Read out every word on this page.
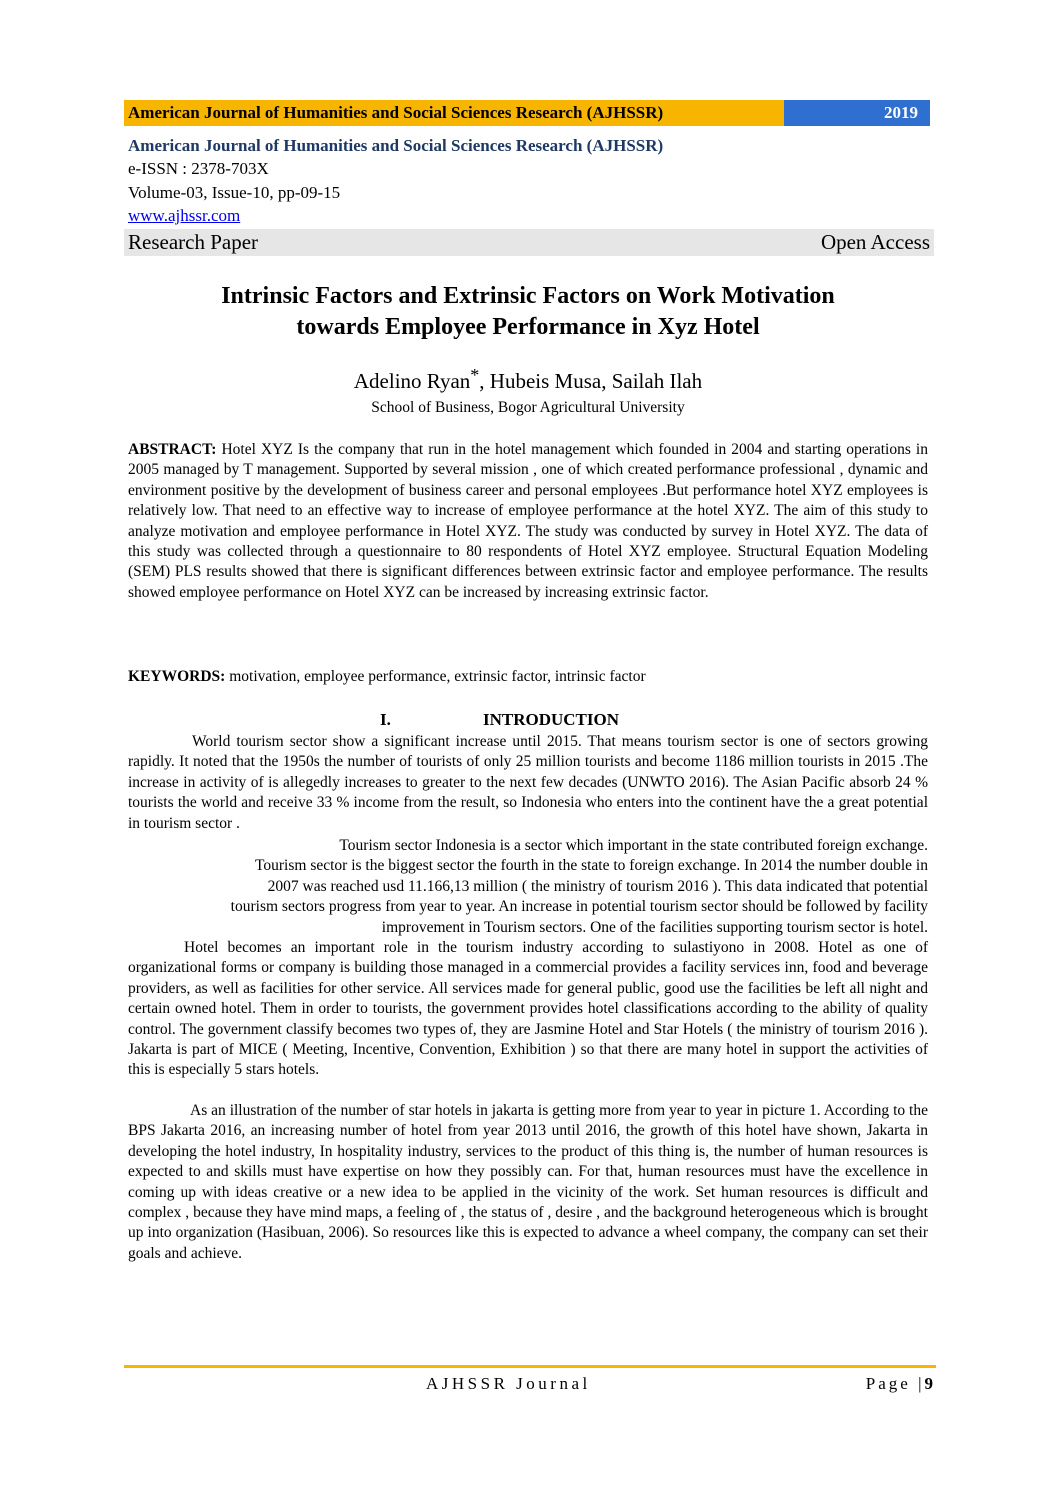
American Journal of Humanities and Social Sciences Research (AJHSSR)	2019
American Journal of Humanities and Social Sciences Research (AJHSSR)
e-ISSN : 2378-703X
Volume-03, Issue-10, pp-09-15
www.ajhssr.com
Research Paper	Open Access
Intrinsic Factors and Extrinsic Factors on Work Motivation
towards Employee Performance in Xyz Hotel
Adelino Ryan*, Hubeis Musa, Sailah Ilah
School of Business, Bogor Agricultural University
ABSTRACT: Hotel XYZ Is the company that run in the hotel management which founded in 2004 and starting operations in 2005 managed by T management. Supported by several mission , one of which created performance professional , dynamic and environment positive by the development of business career and personal employees .But performance hotel XYZ employees is relatively low. That need to an effective way to increase of employee performance at the hotel XYZ. The aim of this study to analyze motivation and employee performance in Hotel XYZ. The study was conducted by survey in Hotel XYZ. The data of this study was collected through a questionnaire to 80 respondents of Hotel XYZ employee. Structural Equation Modeling (SEM) PLS results showed that there is significant differences between extrinsic factor and employee performance. The results showed employee performance on Hotel XYZ can be increased by increasing extrinsic factor.
KEYWORDS: motivation, employee performance, extrinsic factor, intrinsic factor
I.	INTRODUCTION
World tourism sector show a significant increase until 2015. That means tourism sector is one of sectors growing rapidly. It noted that the 1950s the number of tourists of only 25 million tourists and become 1186 million tourists in 2015 .The increase in activity of is allegedly increases to greater to the next few decades (UNWTO 2016). The Asian Pacific absorb 24 % tourists the world and receive 33 % income from the result, so Indonesia who enters into the continent have the a great potential in tourism sector .
Tourism sector Indonesia is a sector which important in the state contributed foreign exchange.
Tourism sector is the biggest sector the fourth in the state to foreign exchange. In 2014 the number double in
2007 was reached usd 11.166,13 million ( the ministry of tourism 2016 ). This data indicated that potential
tourism sectors progress from year to year. An increase in potential tourism sector should be followed by facility
improvement in Tourism sectors. One of the facilities supporting tourism sector is hotel.
Hotel becomes an important role in the tourism industry according to sulastiyono in 2008. Hotel as one of organizational forms or company is building those managed in a commercial provides a facility services inn, food and beverage providers, as well as facilities for other service. All services made for general public, good use the facilities be left all night and certain owned hotel. Them in order to tourists, the government provides hotel classifications according to the ability of quality control. The government classify becomes two types of, they are Jasmine Hotel and Star Hotels ( the ministry of tourism 2016 ). Jakarta is part of MICE ( Meeting, Incentive, Convention, Exhibition ) so that there are many hotel in support the activities of this is especially 5 stars hotels.
As an illustration of the number of star hotels in jakarta is getting more from year to year in picture 1. According to the BPS Jakarta 2016, an increasing number of hotel from year 2013 until 2016, the growth of this hotel have shown, Jakarta in developing the hotel industry, In hospitality industry, services to the product of this thing is, the number of human resources is expected to and skills must have expertise on how they possibly can. For that, human resources must have the excellence in coming up with ideas creative or a new idea to be applied in the vicinity of the work. Set human resources is difficult and complex , because they have mind maps, a feeling of , the status of , desire , and the background heterogeneous which is brought up into organization (Hasibuan, 2006). So resources like this is expected to advance a wheel company, the company can set their goals and achieve.
AJHSSR Journal	Page |9
